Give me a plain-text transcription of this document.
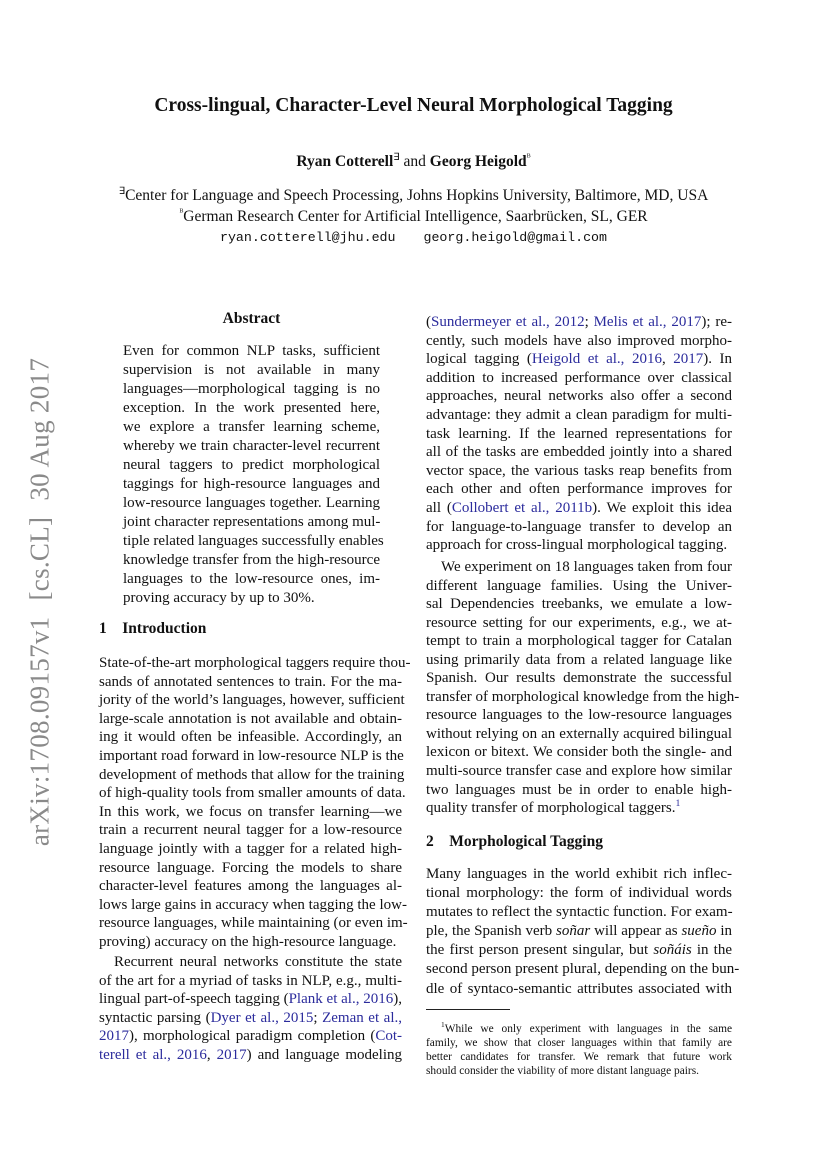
arXiv:1708.09157v1[cs.CL]30 Aug 2017
Cross-lingual, Character-Level Neural Morphological Tagging
Ryan Cotterell∃ and Georg Heigold$^ᴮ$
∃Center for Language and Speech Processing, Johns Hopkins University, Baltimore, MD, USA
$^ᴮ$German Research Center for Artificial Intelligence, Saarbrücken, SL, GER
ryan.cotterell@jhu.edu  georg.heigold@gmail.com
Abstract
Even for common NLP tasks, sufficient
supervision is not available in many
languages—morphological tagging is no
exception. In the work presented here,
we explore a transfer learning scheme,
whereby we train character-level recurrent
neural taggers to predict morphological
taggings for high-resource languages and
low-resource languages together. Learning
joint character representations among mul-
tiple related languages successfully enables
knowledge transfer from the high-resource
languages to the low-resource ones, im-
proving accuracy by up to 30%.
1    Introduction
State-of-the-art morphological taggers require thou-
sands of annotated sentences to train. For the ma-
jority of the world’s languages, however, sufficient
large-scale annotation is not available and obtain-
ing it would often be infeasible. Accordingly, an
important road forward in low-resource NLP is the
development of methods that allow for the training
of high-quality tools from smaller amounts of data.
In this work, we focus on transfer learning—we
train a recurrent neural tagger for a low-resource
language jointly with a tagger for a related high-
resource language. Forcing the models to share
character-level features among the languages al-
lows large gains in accuracy when tagging the low-
resource languages, while maintaining (or even im-
proving) accuracy on the high-resource language.
Recurrent neural networks constitute the state
of the art for a myriad of tasks in NLP, e.g., multi-
lingual part-of-speech tagging (Plank et al., 2016),
syntactic parsing (Dyer et al., 2015; Zeman et al.,
2017), morphological paradigm completion (Cot-
terell et al., 2016, 2017) and language modeling
(Sundermeyer et al., 2012; Melis et al., 2017); re-
cently, such models have also improved morpho-
logical tagging (Heigold et al., 2016, 2017). In
addition to increased performance over classical
approaches, neural networks also offer a second
advantage: they admit a clean paradigm for multi-
task learning. If the learned representations for
all of the tasks are embedded jointly into a shared
vector space, the various tasks reap benefits from
each other and often performance improves for
all (Collobert et al., 2011b). We exploit this idea
for language-to-language transfer to develop an
approach for cross-lingual morphological tagging.
We experiment on 18 languages taken from four
different language families. Using the Univer-
sal Dependencies treebanks, we emulate a low-
resource setting for our experiments, e.g., we at-
tempt to train a morphological tagger for Catalan
using primarily data from a related language like
Spanish. Our results demonstrate the successful
transfer of morphological knowledge from the high-
resource languages to the low-resource languages
without relying on an externally acquired bilingual
lexicon or bitext. We consider both the single- and
multi-source transfer case and explore how similar
two languages must be in order to enable high-
quality transfer of morphological taggers.$^1$
2    Morphological Tagging
Many languages in the world exhibit rich inflec-
tional morphology: the form of individual words
mutates to reflect the syntactic function. For exam-
ple, the Spanish verb soñar will appear as sueño in
the first person present singular, but soñáis in the
second person present plural, depending on the bun-
dle of syntaco-semantic attributes associated with
$^1$While we only experiment with languages in the same
family, we show that closer languages within that family are
better candidates for transfer. We remark that future work
should consider the viability of more distant language pairs.
